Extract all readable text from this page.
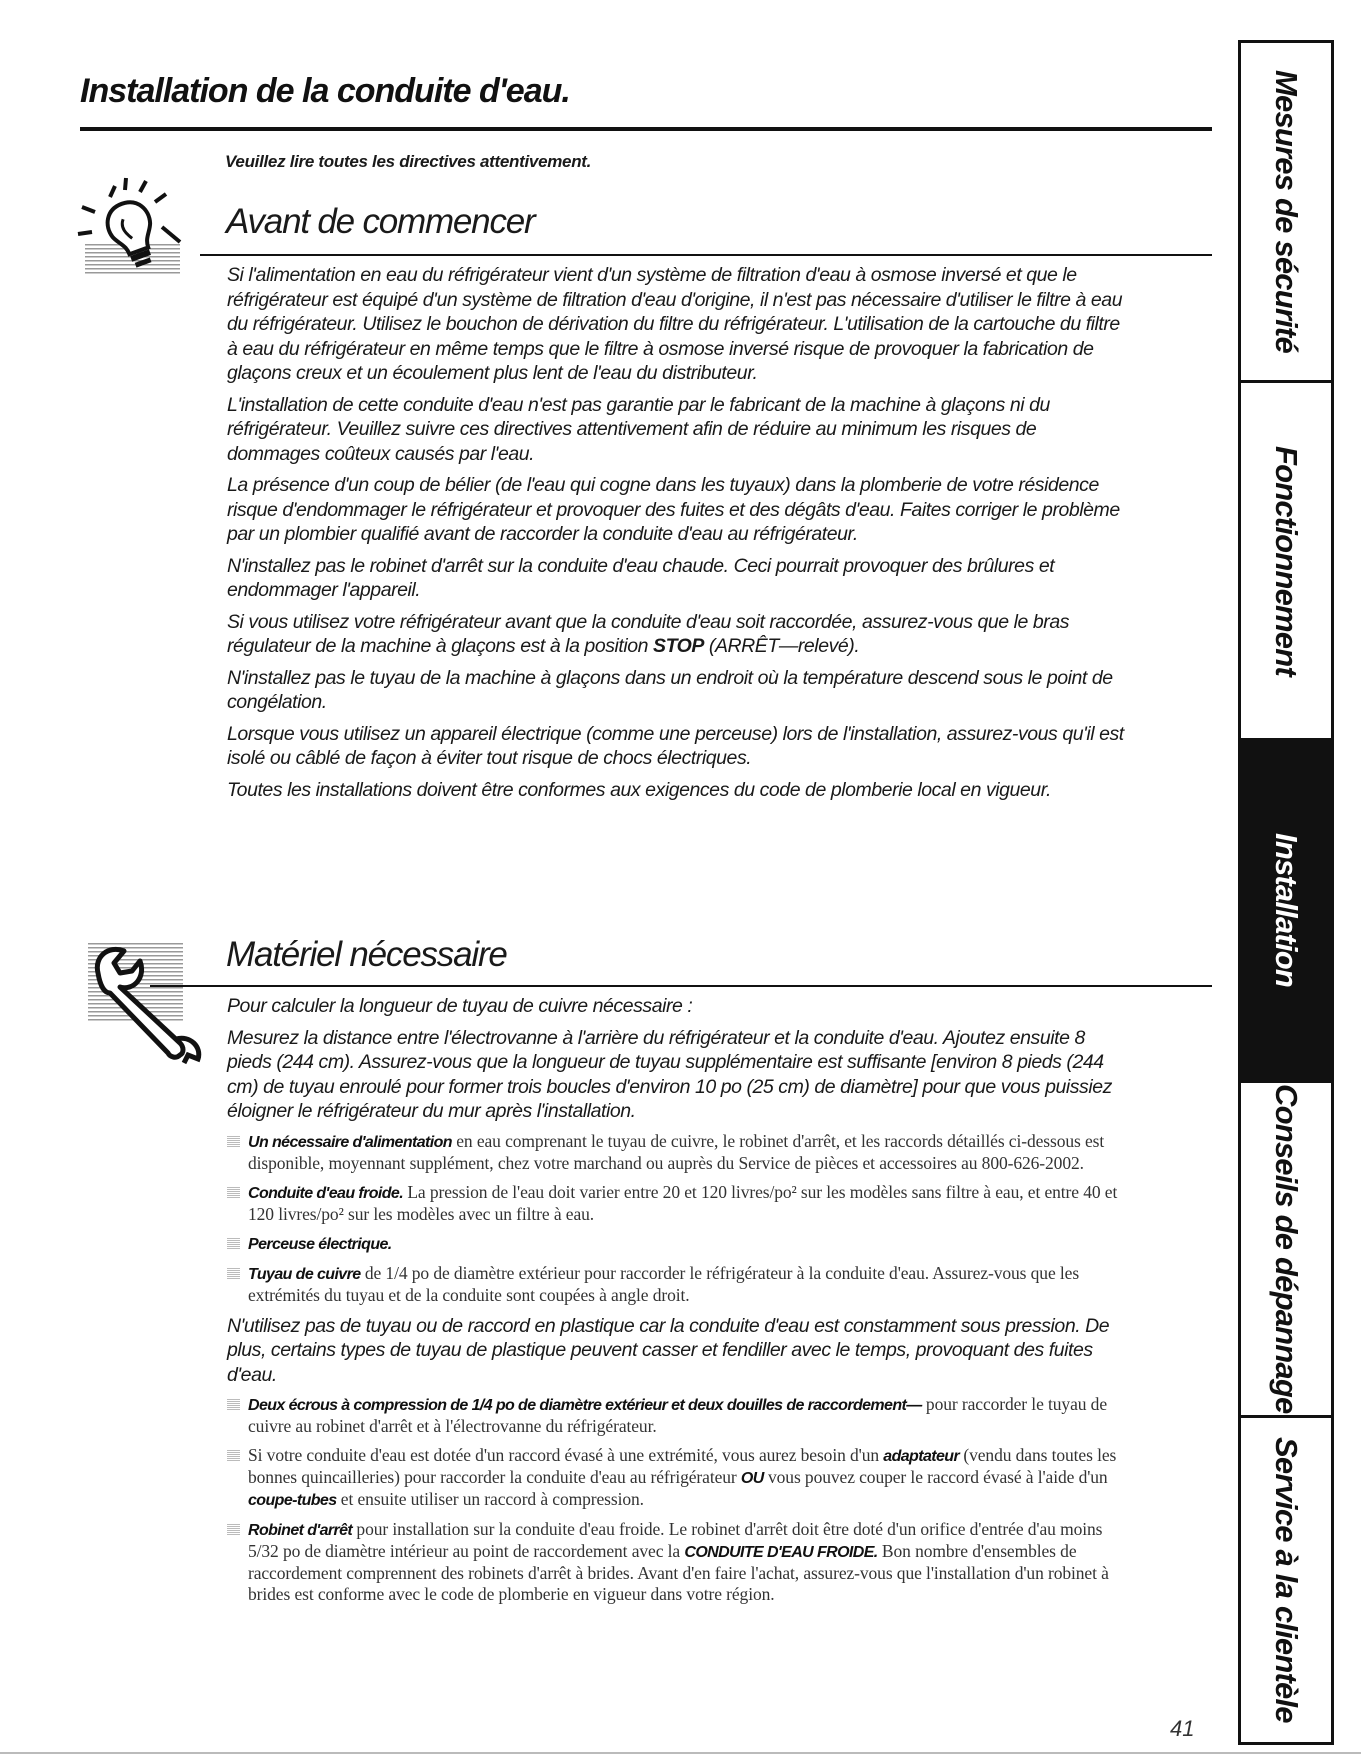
Installation de la conduite d'eau.
Veuillez lire toutes les directives attentivement.
Avant de commencer

Si l'alimentation en eau du réfrigérateur vient d'un système de filtration d'eau à osmose inversé et que le réfrigérateur est équipé d'un système de filtration d'eau d'origine, il n'est pas nécessaire d'utiliser le filtre à eau du réfrigérateur. Utilisez le bouchon de dérivation du filtre du réfrigérateur. L'utilisation de la cartouche du filtre à eau du réfrigérateur en même temps que le filtre à osmose inversé risque de provoquer la fabrication de glaçons creux et un écoulement plus lent de l'eau du distributeur.

L'installation de cette conduite d'eau n'est pas garantie par le fabricant de la machine à glaçons ni du réfrigérateur. Veuillez suivre ces directives attentivement afin de réduire au minimum les risques de dommages coûteux causés par l'eau.

La présence d'un coup de bélier (de l'eau qui cogne dans les tuyaux) dans la plomberie de votre résidence risque d'endommager le réfrigérateur et provoquer des fuites et des dégâts d'eau. Faites corriger le problème par un plombier qualifié avant de raccorder la conduite d'eau au réfrigérateur.

N'installez pas le robinet d'arrêt sur la conduite d'eau chaude. Ceci pourrait provoquer des brûlures et endommager l'appareil.

Si vous utilisez votre réfrigérateur avant que la conduite d'eau soit raccordée, assurez-vous que le bras régulateur de la machine à glaçons est à la position STOP (ARRÊT—relevé).

N'installez pas le tuyau de la machine à glaçons dans un endroit où la température descend sous le point de congélation.

Lorsque vous utilisez un appareil électrique (comme une perceuse) lors de l'installation, assurez-vous qu'il est isolé ou câblé de façon à éviter tout risque de chocs électriques.

Toutes les installations doivent être conformes aux exigences du code de plomberie local en vigueur.

Matériel nécessaire

Pour calculer la longueur de tuyau de cuivre nécessaire :

Mesurez la distance entre l'électrovanne à l'arrière du réfrigérateur et la conduite d'eau. Ajoutez ensuite 8 pieds (244 cm). Assurez-vous que la longueur de tuyau supplémentaire est suffisante [environ 8 pieds (244 cm) de tuyau enroulé pour former trois boucles d'environ 10 po (25 cm) de diamètre] pour que vous puissiez éloigner le réfrigérateur du mur après l'installation.

Un nécessaire d'alimentation en eau comprenant le tuyau de cuivre, le robinet d'arrêt, et les raccords détaillés ci-dessous est disponible, moyennant supplément, chez votre marchand ou auprès du Service de pièces et accessoires au 800-626-2002.
Conduite d'eau froide. La pression de l'eau doit varier entre 20 et 120 livres/po² sur les modèles sans filtre à eau, et entre 40 et 120 livres/po² sur les modèles avec un filtre à eau.
Perceuse électrique.
Tuyau de cuivre de 1/4 po de diamètre extérieur pour raccorder le réfrigérateur à la conduite d'eau. Assurez-vous que les extrémités du tuyau et de la conduite sont coupées à angle droit.

N'utilisez pas de tuyau ou de raccord en plastique car la conduite d'eau est constamment sous pression. De plus, certains types de tuyau de plastique peuvent casser et fendiller avec le temps, provoquant des fuites d'eau.

Deux écrous à compression de 1/4 po de diamètre extérieur et deux douilles de raccordement— pour raccorder le tuyau de cuivre au robinet d'arrêt et à l'électrovanne du réfrigérateur.
Si votre conduite d'eau est dotée d'un raccord évasé à une extrémité, vous aurez besoin d'un adaptateur (vendu dans toutes les bonnes quincailleries) pour raccorder la conduite d'eau au réfrigérateur OU vous pouvez couper le raccord évasé à l'aide d'un coupe-tubes et ensuite utiliser un raccord à compression.
Robinet d'arrêt pour installation sur la conduite d'eau froide. Le robinet d'arrêt doit être doté d'un orifice d'entrée d'au moins 5/32 po de diamètre intérieur au point de raccordement avec la CONDUITE D'EAU FROIDE. Bon nombre d'ensembles de raccordement comprennent des robinets d'arrêt à brides. Avant d'en faire l'achat, assurez-vous que l'installation d'un robinet à brides est conforme avec le code de plomberie en vigueur dans votre région.
41
Mesures de sécurité
Fonctionnement
Installation
Conseils de dépannage
Service à la clientèle
